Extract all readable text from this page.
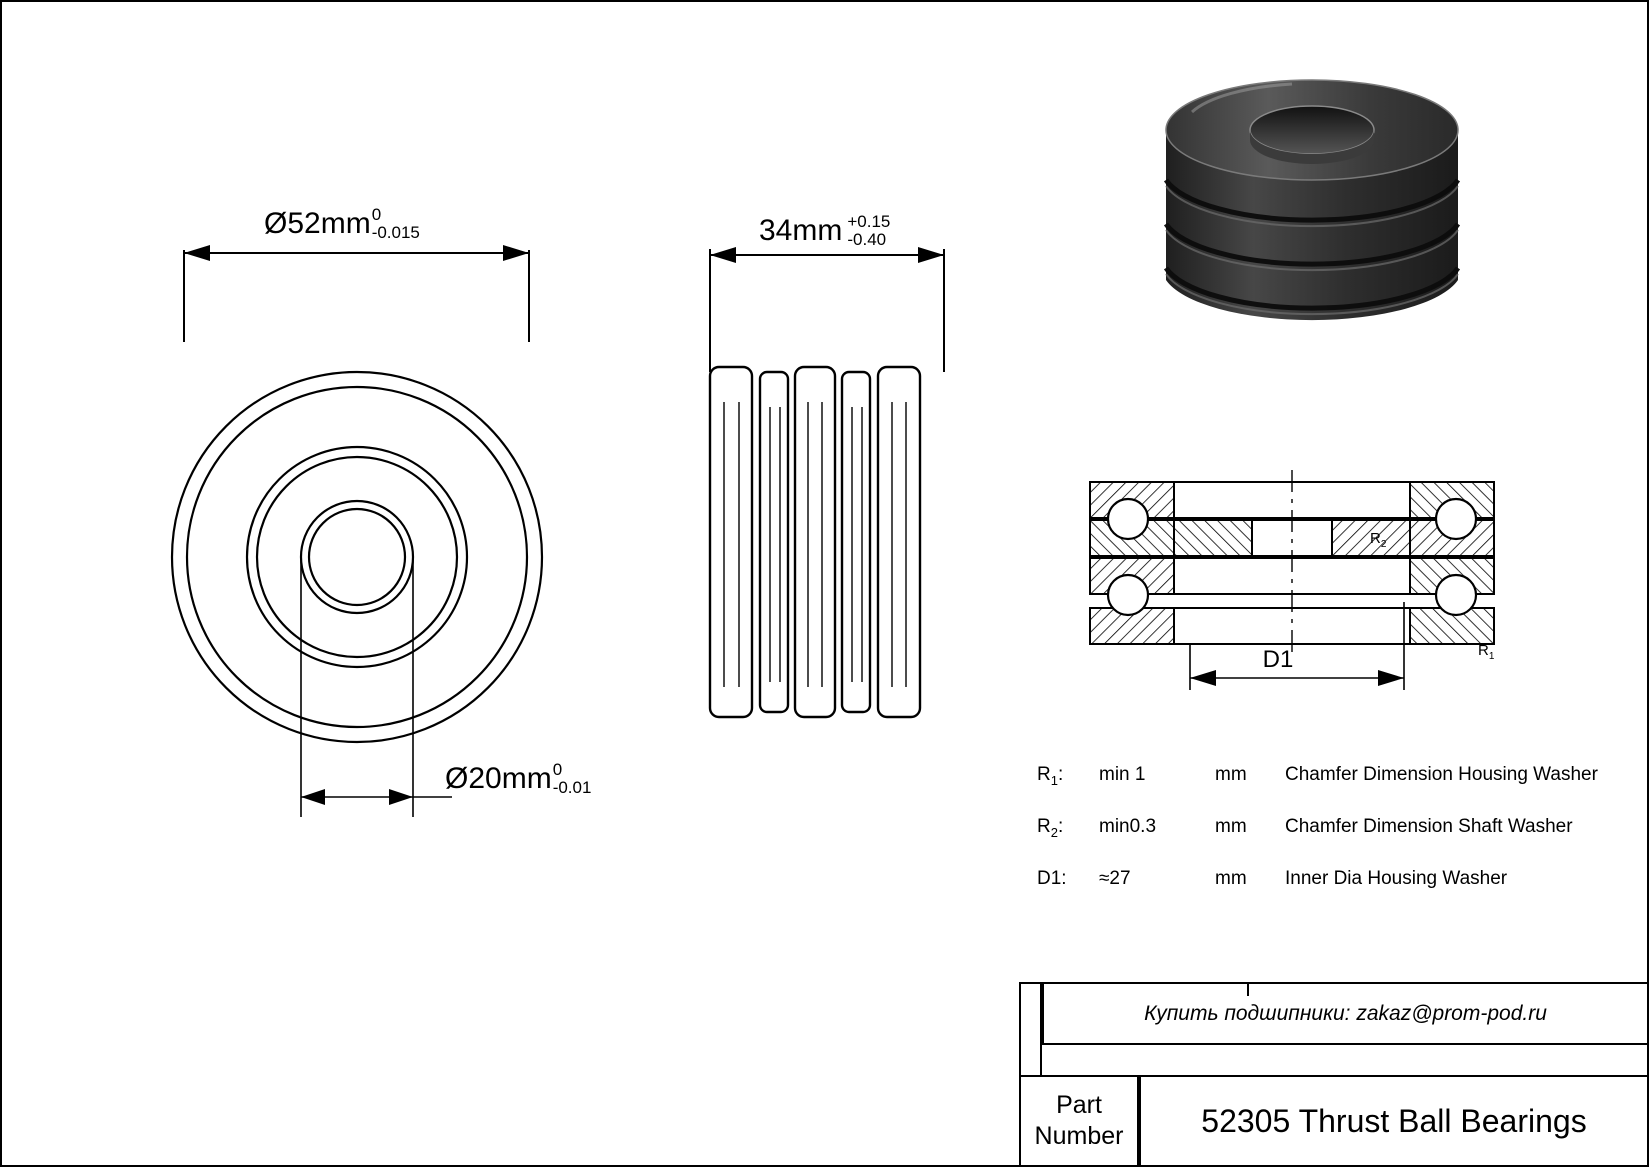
Ø52mm 0
-0.015
Ø20mm 0
-0.01
34mm +0.15
-0.40
D1
$R_2$
$R_1$
$R_1$:	min 1	mm	Chamfer Dimension Housing Washer
$R_2$:	min0.3	mm	Chamfer Dimension Shaft Washer
D1:	≈27	mm	Inner Dia Housing Washer
Купить подшипники: zakaz@prom-pod.ru
Part
Number 52305 Thrust Ball Bearings
